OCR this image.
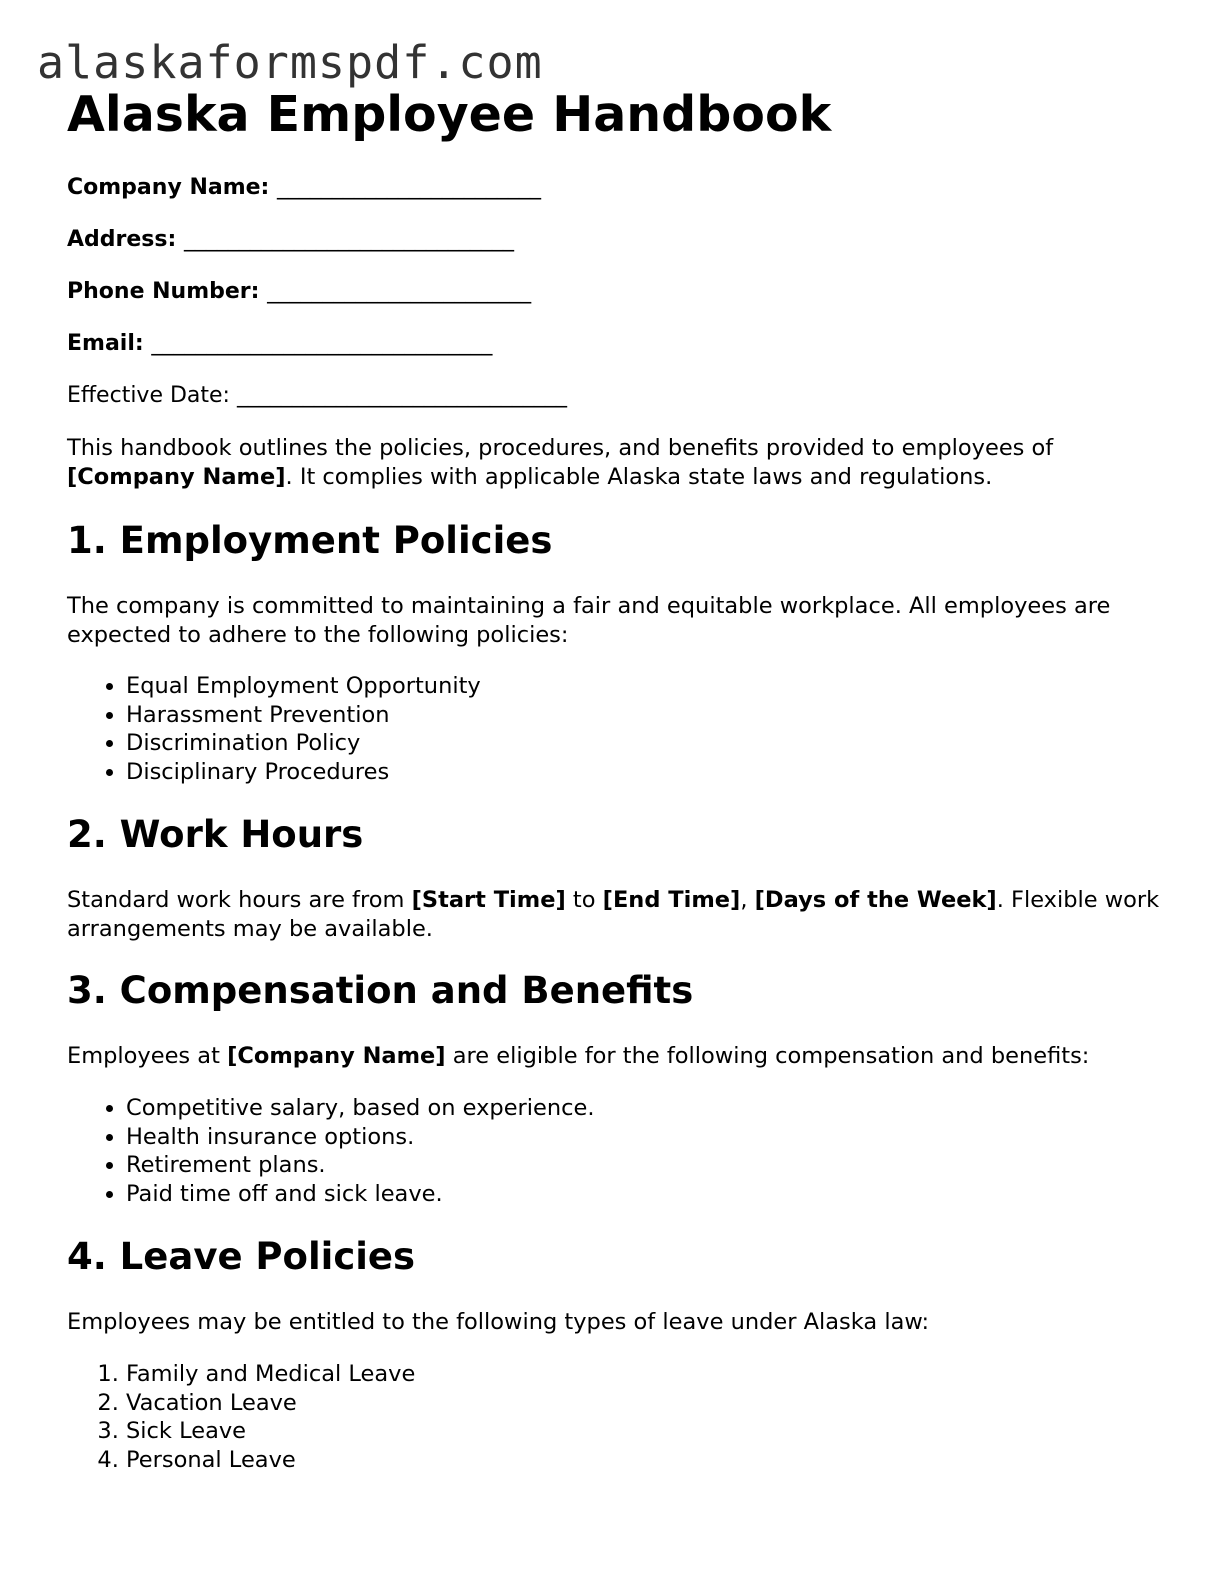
alaskaformspdf.com
Alaska Employee Handbook
Company Name: ________________________
Address: ______________________________
Phone Number: ________________________
Email: _______________________________
Effective Date: ______________________________
This handbook outlines the policies, procedures, and benefits provided to employees of [Company Name]. It complies with applicable Alaska state laws and regulations.
1. Employment Policies
The company is committed to maintaining a fair and equitable workplace. All employees are expected to adhere to the following policies:
• Equal Employment Opportunity
• Harassment Prevention
• Discrimination Policy
• Disciplinary Procedures
2. Work Hours
Standard work hours are from [Start Time] to [End Time], [Days of the Week]. Flexible work arrangements may be available.
3. Compensation and Benefits
Employees at [Company Name] are eligible for the following compensation and benefits:
• Competitive salary, based on experience.
• Health insurance options.
• Retirement plans.
• Paid time off and sick leave.
4. Leave Policies
Employees may be entitled to the following types of leave under Alaska law:
1. Family and Medical Leave
2. Vacation Leave
3. Sick Leave
4. Personal Leave
